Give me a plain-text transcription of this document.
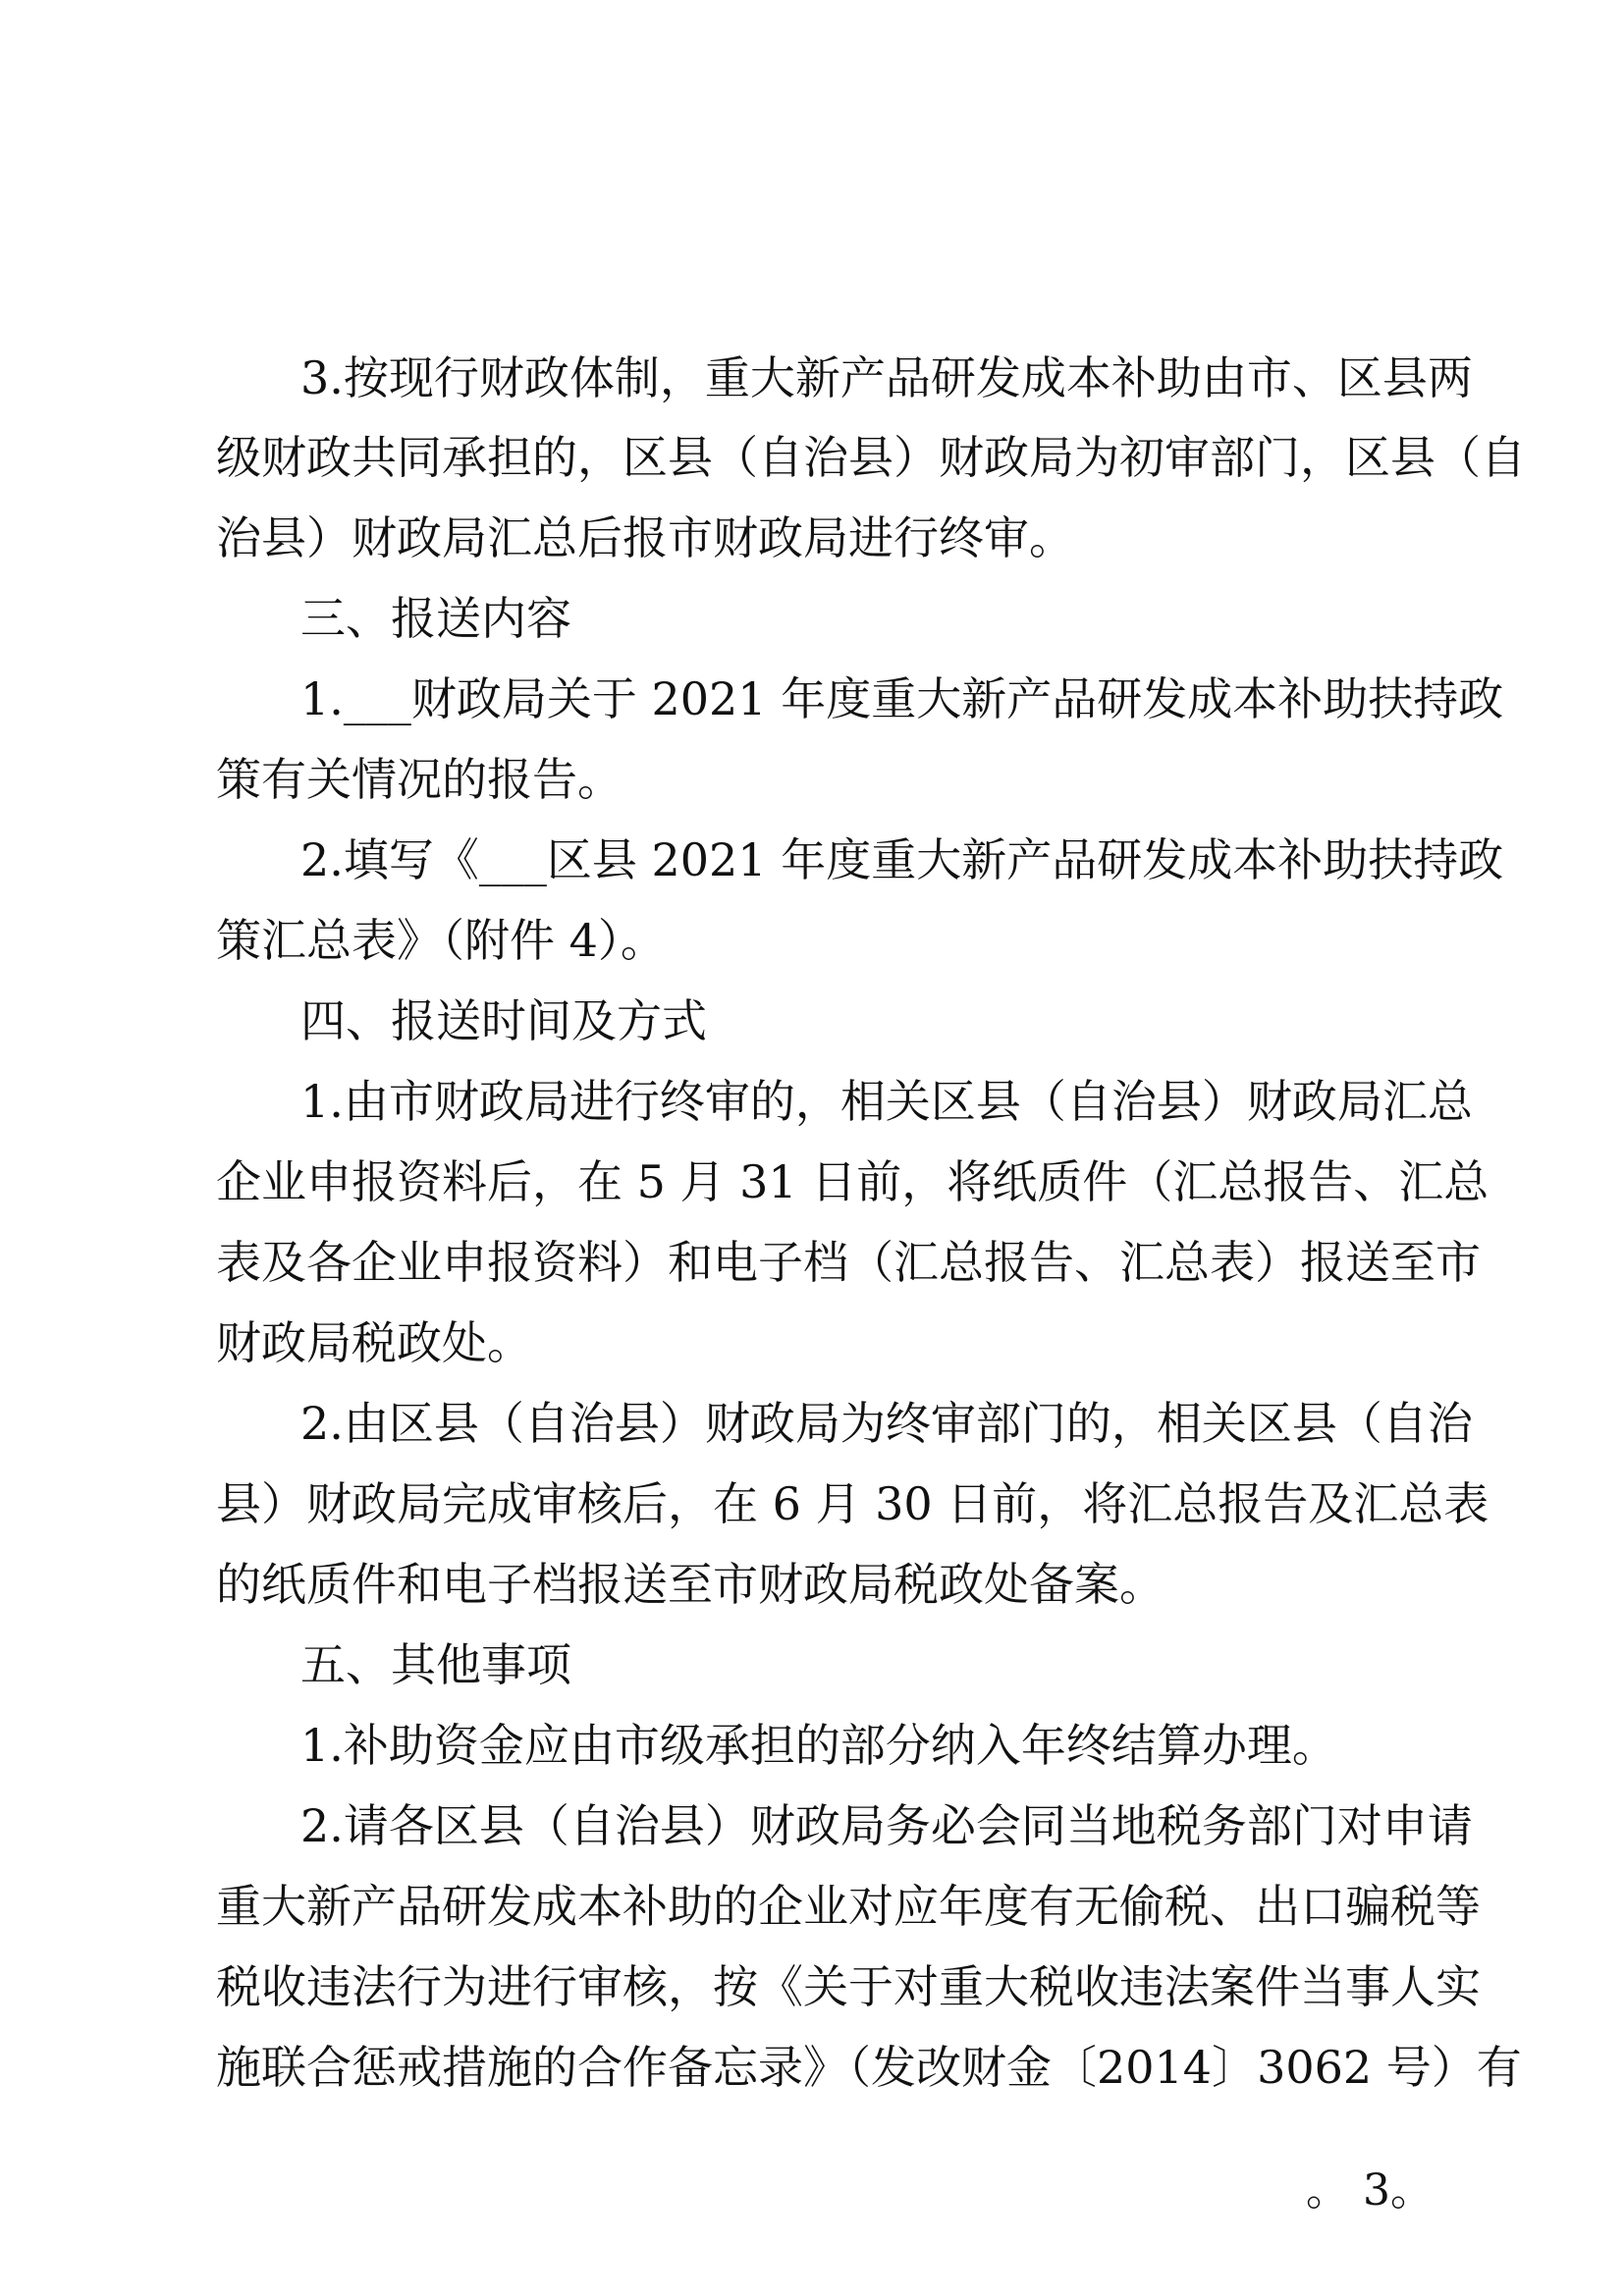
3.按现行财政体制，重大新产品研发成本补助由市、区县两

级财政共同承担的，区县（自治县）财政局为初审部门，区县（自

治县）财政局汇总后报市财政局进行终审。

三、报送内容

1.___财政局关于 2021 年度重大新产品研发成本补助扶持政

策有关情况的报告。

2.填写《___区县 2021 年度重大新产品研发成本补助扶持政

策汇总表》（附件 4）。

四、报送时间及方式

1.由市财政局进行终审的，相关区县（自治县）财政局汇总

企业申报资料后，在 5 月 31 日前，将纸质件（汇总报告、汇总

表及各企业申报资料）和电子档（汇总报告、汇总表）报送至市

财政局税政处。

2.由区县（自治县）财政局为终审部门的，相关区县（自治

县）财政局完成审核后，在 6 月 30 日前，将汇总报告及汇总表

的纸质件和电子档报送至市财政局税政处备案。

五、其他事项

1.补助资金应由市级承担的部分纳入年终结算办理。

2.请各区县（自治县）财政局务必会同当地税务部门对申请

重大新产品研发成本补助的企业对应年度有无偷税、出口骗税等

税收违法行为进行审核，按《关于对重大税收违法案件当事人实

施联合惩戒措施的合作备忘录》（发改财金〔2014〕3062 号）有

。 3。
